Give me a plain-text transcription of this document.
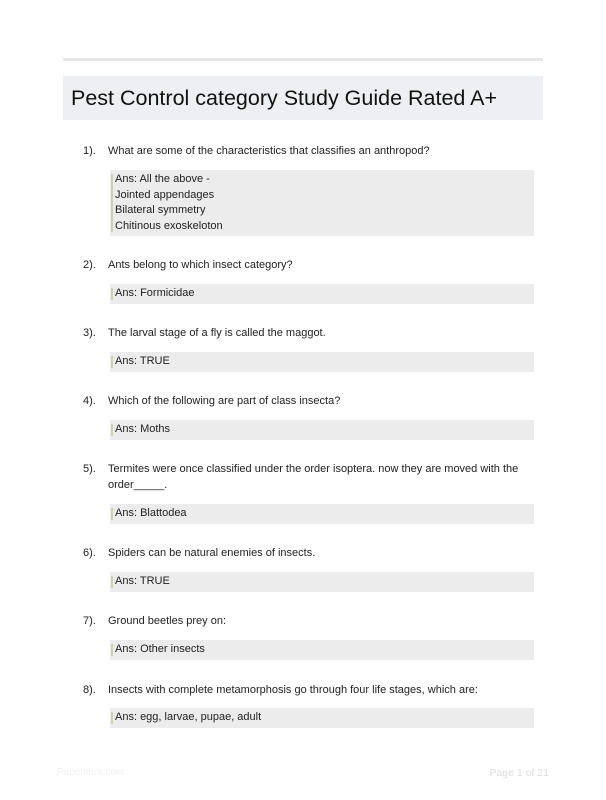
Pest Control category Study Guide Rated A+
1). What are some of the characteristics that classifies an anthropod?
Ans: All the above -
Jointed appendages
Bilateral symmetry
Chitinous exoskeloton
2). Ants belong to which insect category?
Ans: Formicidae
3). The larval stage of a fly is called the maggot.
Ans: TRUE
4). Which of the following are part of class insecta?
Ans: Moths
5). Termites were once classified under the order isoptera. now they are moved with the order_____.
Ans: Blattodea
6). Spiders can be natural enemies of insects.
Ans: TRUE
7). Ground beetles prey on:
Ans: Other insects
8). Insects with complete metamorphosis go through four life stages, which are:
Ans: egg, larvae, pupae, adult
Paperlibra.com	Page 1 of 21
